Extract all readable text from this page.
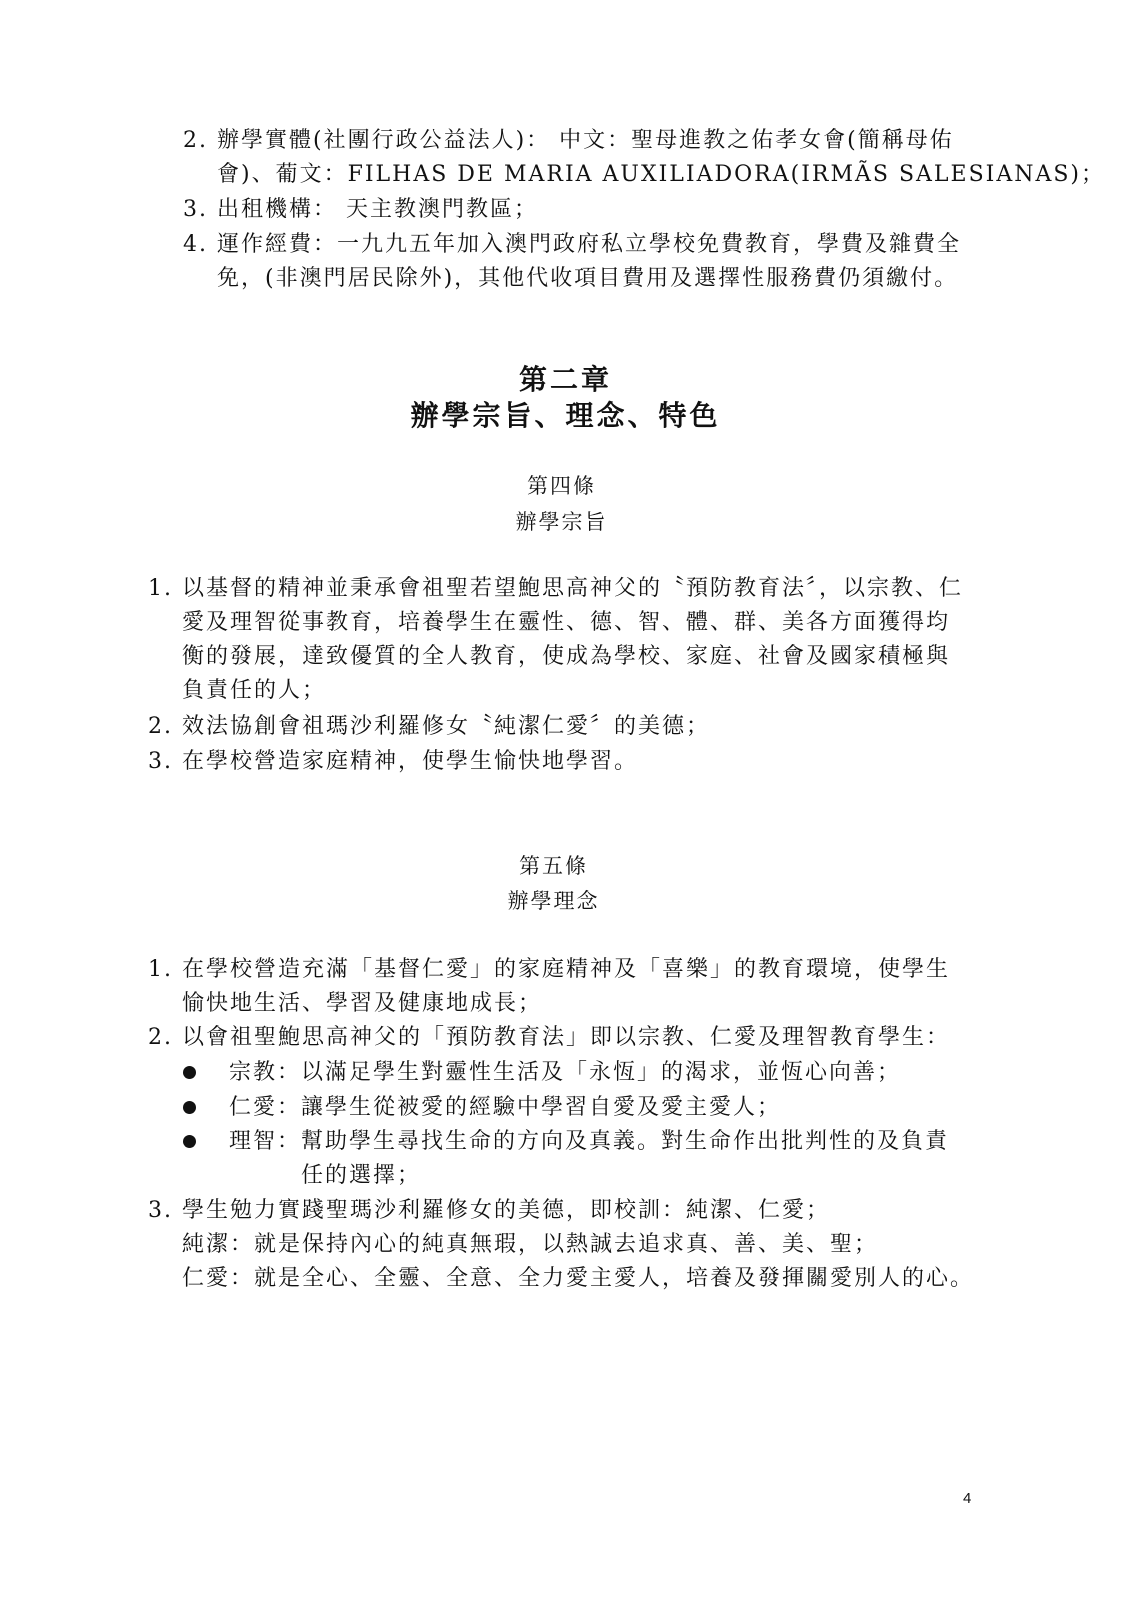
2. 辦學實體(社團行政公益法人)： 中文：聖母進教之佑孝女會(簡稱母佑
會)、葡文：FILHAS DE MARIA AUXILIADORA(IRMÃS SALESIANAS)；
3. 出租機構： 天主教澳門教區；
4. 運作經費：一九九五年加入澳門政府私立學校免費教育，學費及雜費全
免，(非澳門居民除外)，其他代收項目費用及選擇性服務費仍須繳付。
第二章
辦學宗旨、理念、特色
第四條
辦學宗旨
1. 以基督的精神並秉承會祖聖若望鮑思高神父的〝預防教育法〞，以宗教、仁
愛及理智從事教育，培養學生在靈性、德、智、體、群、美各方面獲得均
衡的發展，達致優質的全人教育，使成為學校、家庭、社會及國家積極與
負責任的人；
2. 效法協創會祖瑪沙利羅修女〝純潔仁愛〞的美德；
3. 在學校營造家庭精神，使學生愉快地學習。
第五條
辦學理念
1. 在學校營造充滿「基督仁愛」的家庭精神及「喜樂」的教育環境，使學生
愉快地生活、學習及健康地成長；
2. 以會祖聖鮑思高神父的「預防教育法」即以宗教、仁愛及理智教育學生：
宗教：以滿足學生對靈性生活及「永恆」的渴求，並恆心向善；
仁愛：讓學生從被愛的經驗中學習自愛及愛主愛人；
理智：幫助學生尋找生命的方向及真義。對生命作出批判性的及負責
任的選擇；
3. 學生勉力實踐聖瑪沙利羅修女的美德，即校訓：純潔、仁愛；
純潔：就是保持內心的純真無瑕，以熱誠去追求真、善、美、聖；
仁愛：就是全心、全靈、全意、全力愛主愛人，培養及發揮關愛別人的心。
4
